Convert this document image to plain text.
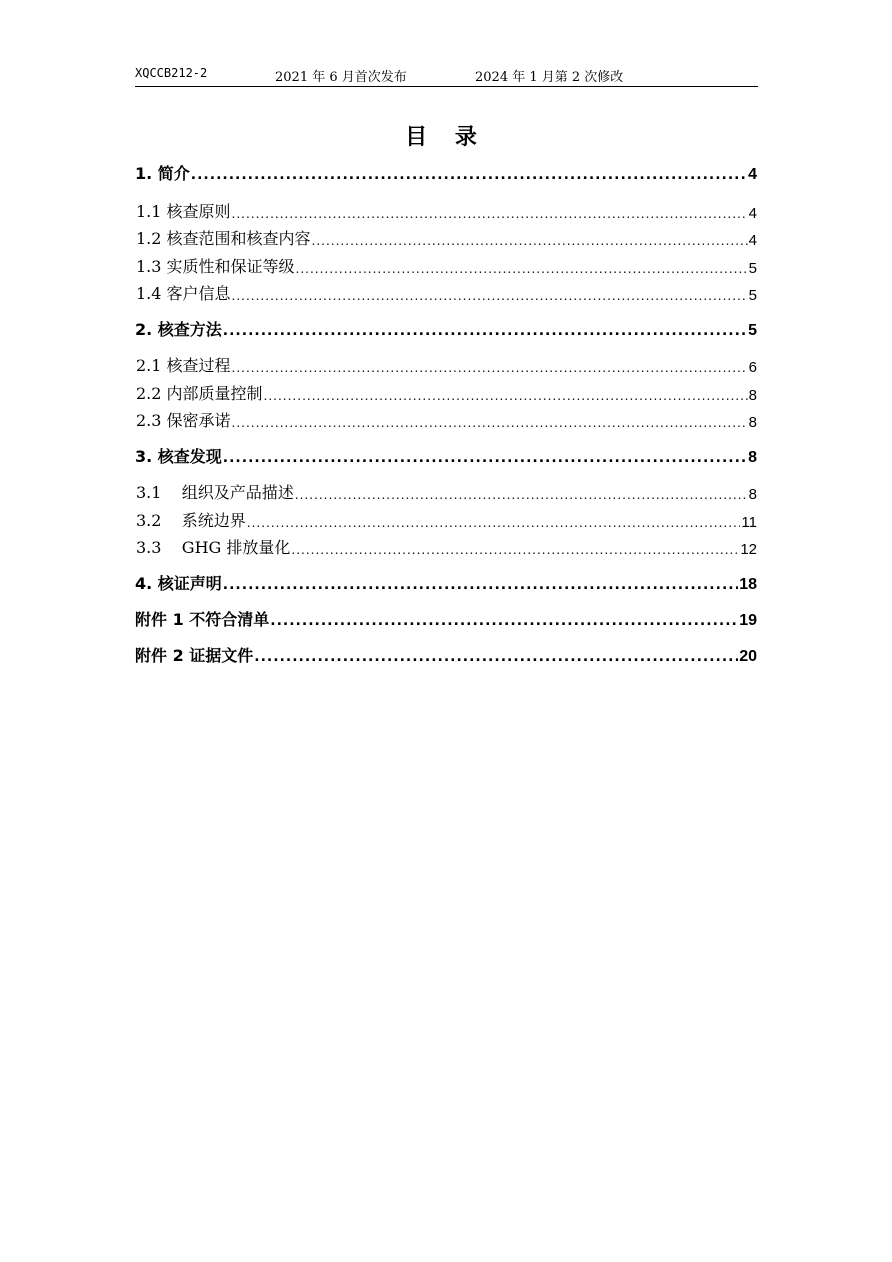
XQCCB212-2	2021 年 6 月首次发布	2024 年 1 月第 2 次修改
目 录
1. 简介 .....	4
1.1 核查原则 .....	4
1.2 核查范围和核查内容 .....	4
1.3 实质性和保证等级 .....	5
1.4 客户信息 .....	5
2. 核查方法 .....	5
2.1 核查过程 .....	6
2.2 内部质量控制 .....	8
2.3 保密承诺 .....	8
3. 核查发现 .....	8
3.1    组织及产品描述 .....	8
3.2    系统边界 .....	11
3.3    GHG 排放量化 .....	12
4. 核证声明 .....	18
附件 1 不符合清单 .....	19
附件 2 证据文件 .....	20
